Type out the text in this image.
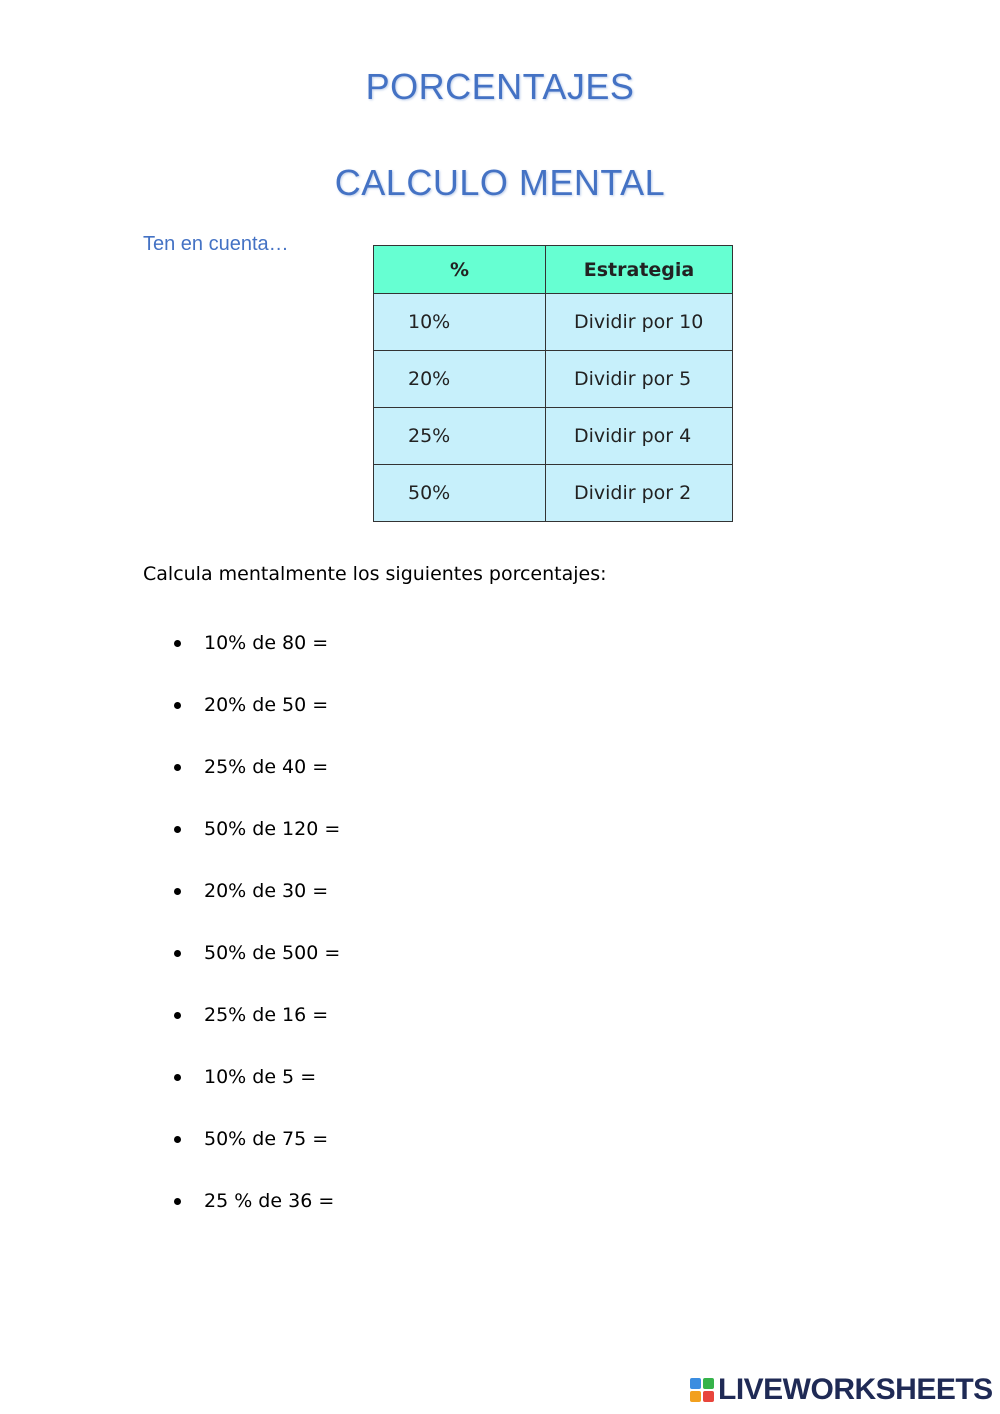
PORCENTAJES
CALCULO MENTAL
Ten en cuenta…
%	Estrategia
10%	Dividir por 10
20%	Dividir por 5
25%	Dividir por 4
50%	Dividir por 2
Calcula mentalmente los siguientes porcentajes:
10% de 80 =
20% de 50 =
25% de 40 =
50% de 120 =
20% de 30 =
50% de 500 =
25% de 16 =
10% de 5 =
50% de 75 =
25 % de 36 =
LIVEWORKSHEETS
